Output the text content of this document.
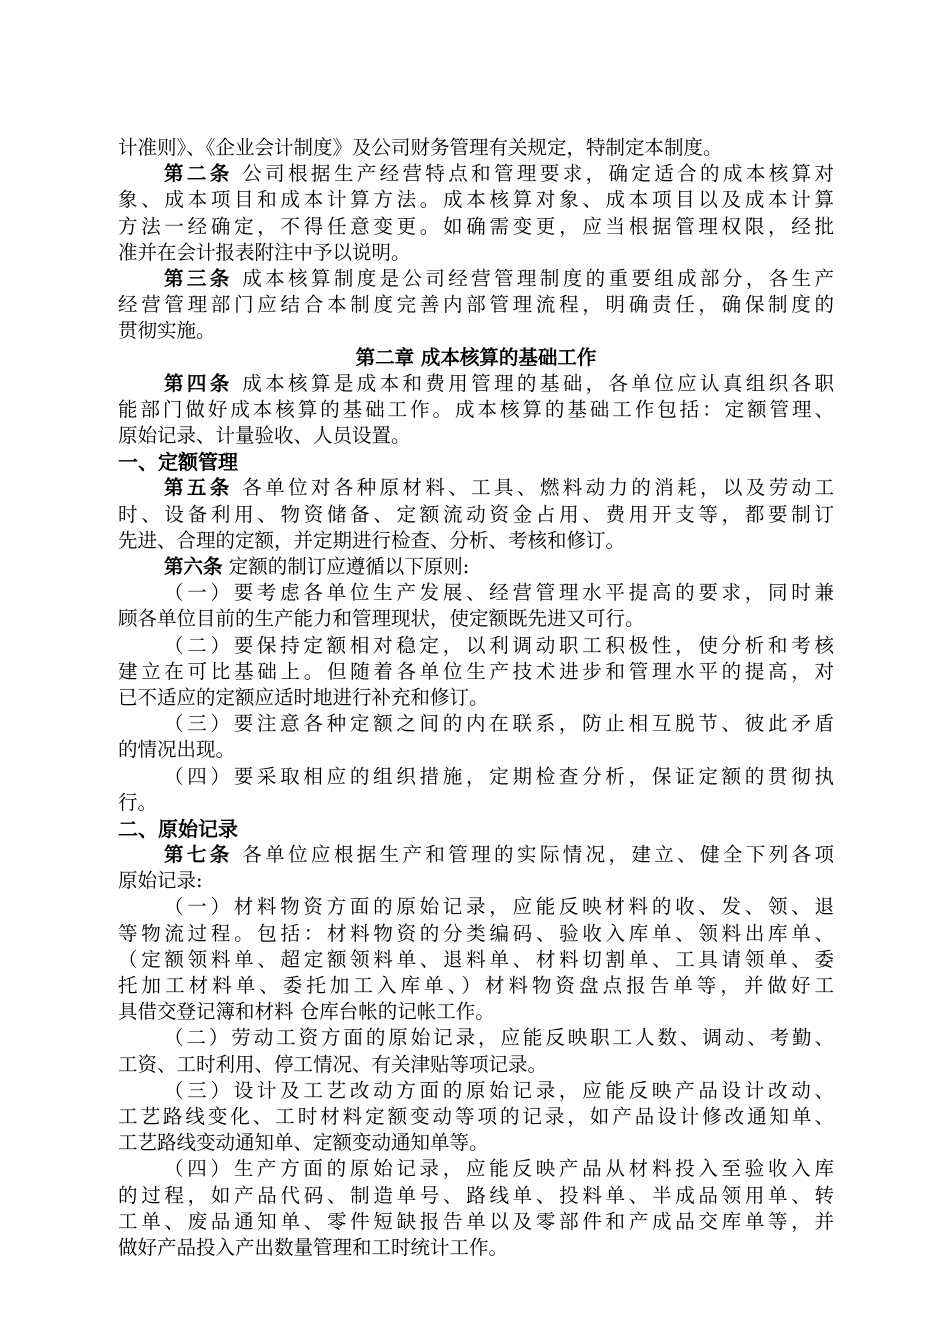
计准则》、《企业会计制度》及公司财务管理有关规定，特制定本制度。
第二条 公司根据生产经营特点和管理要求，确定适合的成本核算对
象、成本项目和成本计算方法。成本核算对象、成本项目以及成本计算
方法一经确定，不得任意变更。如确需变更，应当根据管理权限，经批
准并在会计报表附注中予以说明。
第三条 成本核算制度是公司经营管理制度的重要组成部分，各生产
经营管理部门应结合本制度完善内部管理流程，明确责任，确保制度的
贯彻实施。
第二章 成本核算的基础工作
第四条 成本核算是成本和费用管理的基础，各单位应认真组织各职
能部门做好成本核算的基础工作。成本核算的基础工作包括：定额管理、
原始记录、计量验收、人员设置。
一、定额管理
第五条 各单位对各种原材料、工具、燃料动力的消耗，以及劳动工
时、设备利用、物资储备、定额流动资金占用、费用开支等，都要制订
先进、合理的定额，并定期进行检查、分析、考核和修订。
第六条 定额的制订应遵循以下原则:
（一）要考虑各单位生产发展、经营管理水平提高的要求，同时兼
顾各单位目前的生产能力和管理现状，使定额既先进又可行。
（二）要保持定额相对稳定，以利调动职工积极性，使分析和考核
建立在可比基础上。但随着各单位生产技术进步和管理水平的提高，对
已不适应的定额应适时地进行补充和修订。
（三）要注意各种定额之间的内在联系，防止相互脱节、彼此矛盾
的情况出现。
（四）要采取相应的组织措施，定期检查分析，保证定额的贯彻执
行。
二、原始记录
第七条 各单位应根据生产和管理的实际情况，建立、健全下列各项
原始记录:
（一）材料物资方面的原始记录，应能反映材料的收、发、领、退
等物流过程。包括：材料物资的分类编码、验收入库单、领料出库单、
（定额领料单、超定额领料单、退料单、材料切割单、工具请领单、委
托加工材料单、委托加工入库单、）材料物资盘点报告单等，并做好工
具借交登记簿和材料 仓库台帐的记帐工作。
（二）劳动工资方面的原始记录，应能反映职工人数、调动、考勤、
工资、工时利用、停工情况、有关津贴等项记录。
（三）设计及工艺改动方面的原始记录，应能反映产品设计改动、
工艺路线变化、工时材料定额变动等项的记录，如产品设计修改通知单、
工艺路线变动通知单、定额变动通知单等。
（四）生产方面的原始记录，应能反映产品从材料投入至验收入库
的过程，如产品代码、制造单号、路线单、投料单、半成品领用单、转
工单、废品通知单、零件短缺报告单以及零部件和产成品交库单等，并
做好产品投入产出数量管理和工时统计工作。
